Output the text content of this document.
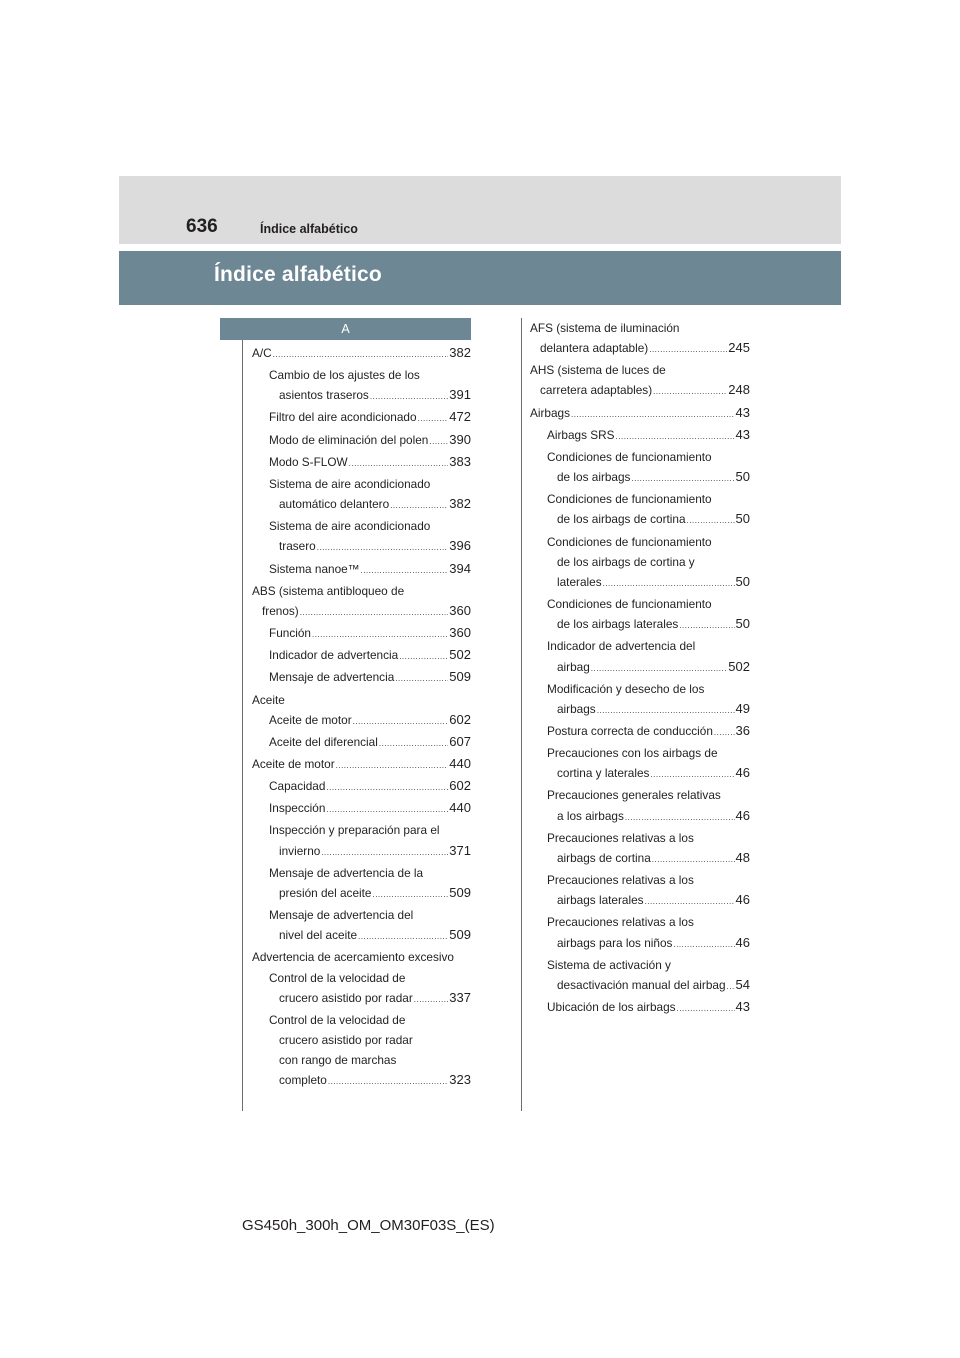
636	Índice alfabético
Índice alfabético
A
A/C .....	382
Cambio de los ajustes de los
asientos traseros .....	391
Filtro del aire acondicionado .....	472
Modo de eliminación del polen ..... 390
Modo S-FLOW .....	383
Sistema de aire acondicionado
automático delantero .....	382
Sistema de aire acondicionado
trasero .....	396
Sistema nanoe™ .....	394
ABS (sistema antibloqueo de
frenos) .....	360
Función .....	360
Indicador de advertencia .....	502
Mensaje de advertencia .....	509
Aceite
Aceite de motor .....	602
Aceite del diferencial .....	607
Aceite de motor .....	440
Capacidad .....	602
Inspección .....	440
Inspección y preparación para el
invierno .....	371
Mensaje de advertencia de la
presión del aceite .....	509
Mensaje de advertencia del
nivel del aceite .....	509
Advertencia de acercamiento excesivo
Control de la velocidad de
crucero asistido por radar .....	337
Control de la velocidad de
crucero asistido por radar
con rango de marchas
completo .....	323
AFS (sistema de iluminación
delantera adaptable) .....	245
AHS (sistema de luces de
carretera adaptables) .....	248
Airbags .....	43
Airbags SRS .....	43
Condiciones de funcionamiento
de los airbags .....	50
Condiciones de funcionamiento
de los airbags de cortina .....	50
Condiciones de funcionamiento
de los airbags de cortina y
laterales .....	50
Condiciones de funcionamiento
de los airbags laterales .....	50
Indicador de advertencia del
airbag .....	502
Modificación y desecho de los
airbags .....	49
Postura correcta de conducción ..... 36
Precauciones con los airbags de
cortina y laterales .....	46
Precauciones generales relativas
a los airbags .....	46
Precauciones relativas a los
airbags de cortina .....	48
Precauciones relativas a los
airbags laterales .....	46
Precauciones relativas a los
airbags para los niños .....	46
Sistema de activación y
desactivación manual del airbag ..... 54
Ubicación de los airbags .....	43
GS450h_300h_OM_OM30F03S_(ES)
